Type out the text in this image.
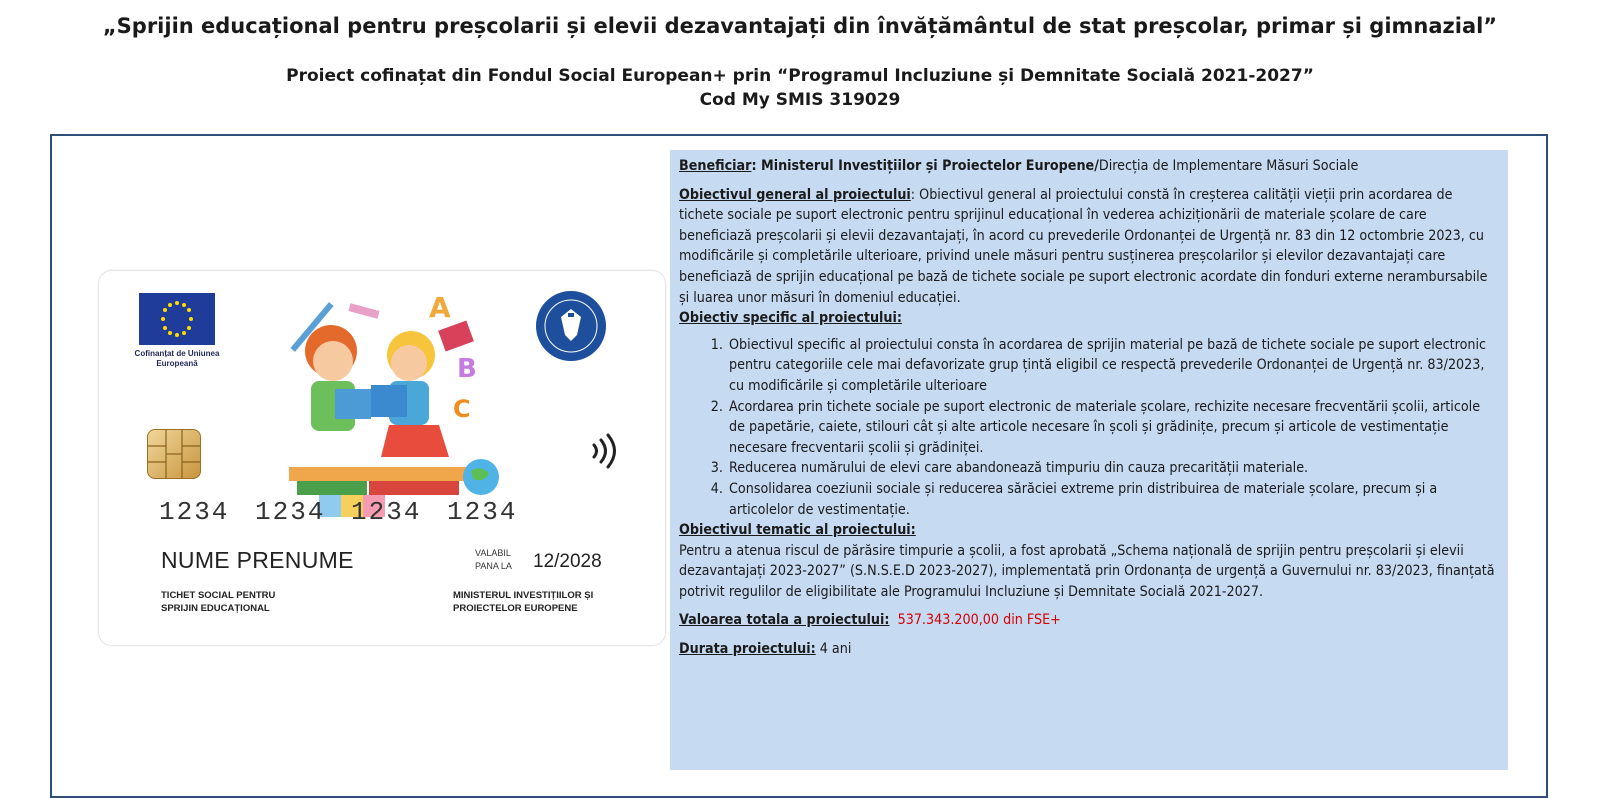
„Sprijin educațional pentru preșcolarii și elevii dezavantajați din învățământul de stat preșcolar, primar și gimnazial”
Proiect cofinațat din Fondul Social European+ prin “Programul Incluziune și Demnitate Socială 2021-2027”
Cod My SMIS 319029
Cofinanțat de Uniunea Europeană
A
B
C
1234 1234 1234 1234
NUME PRENUME	VALABIL
PANA LA 12/2028
TICHET SOCIAL PENTRU
SPRIJIN EDUCAȚIONAL
MINISTERUL INVESTIȚIILOR ȘI
PROIECTELOR EUROPENE

Beneficiar: Ministerul Investițiilor și Proiectelor Europene/Direcția de Implementare Măsuri Sociale

Obiectivul general al proiectului: Obiectivul general al proiectului constă în creșterea calității vieții prin acordarea de tichete sociale pe suport electronic pentru sprijinul educațional în vederea achiziționării de materiale școlare de care beneficiază preșcolarii și elevii dezavantajați, în acord cu prevederile Ordonanței de Urgență nr. 83 din 12 octombrie 2023, cu modificările și completările ulterioare, privind unele măsuri pentru susținerea preșcolarilor și elevilor dezavantajați care beneficiază de sprijin educațional pe bază de tichete sociale pe suport electronic acordate din fonduri externe nerambursabile și luarea unor măsuri în domeniul educației.

Obiectiv specific al proiectului:

1. Obiectivul specific al proiectului consta în acordarea de sprijin material pe bază de tichete sociale pe suport electronic pentru categoriile cele mai defavorizate grup țintă eligibil ce respectă prevederile Ordonanței de Urgență nr. 83/2023, cu modificările și completările ulterioare
2. Acordarea prin tichete sociale pe suport electronic de materiale școlare, rechizite necesare frecventării școlii, articole de papetărie, caiete, stilouri cât și alte articole necesare în școli și grădinițe, precum și articole de vestimentație necesare frecventarii școlii și grădiniței.
3. Reducerea numărului de elevi care abandonează timpuriu din cauza precarității materiale.
4. Consolidarea coeziunii sociale și reducerea sărăciei extreme prin distribuirea de materiale școlare, precum și a articolelor de vestimentație.

Obiectivul tematic al proiectului:

Pentru a atenua riscul de părăsire timpurie a școlii, a fost aprobată „Schema națională de sprijin pentru preșcolarii și elevii dezavantajați 2023-2027” (S.N.S.E.D 2023-2027), implementată prin Ordonanța de urgență a Guvernului nr. 83/2023, finanțată potrivit regulilor de eligibilitate ale Programului Incluziune și Demnitate Socială 2021-2027.

Valoarea totala a proiectului: 537.343.200,00 din FSE+

Durata proiectului: 4 ani
